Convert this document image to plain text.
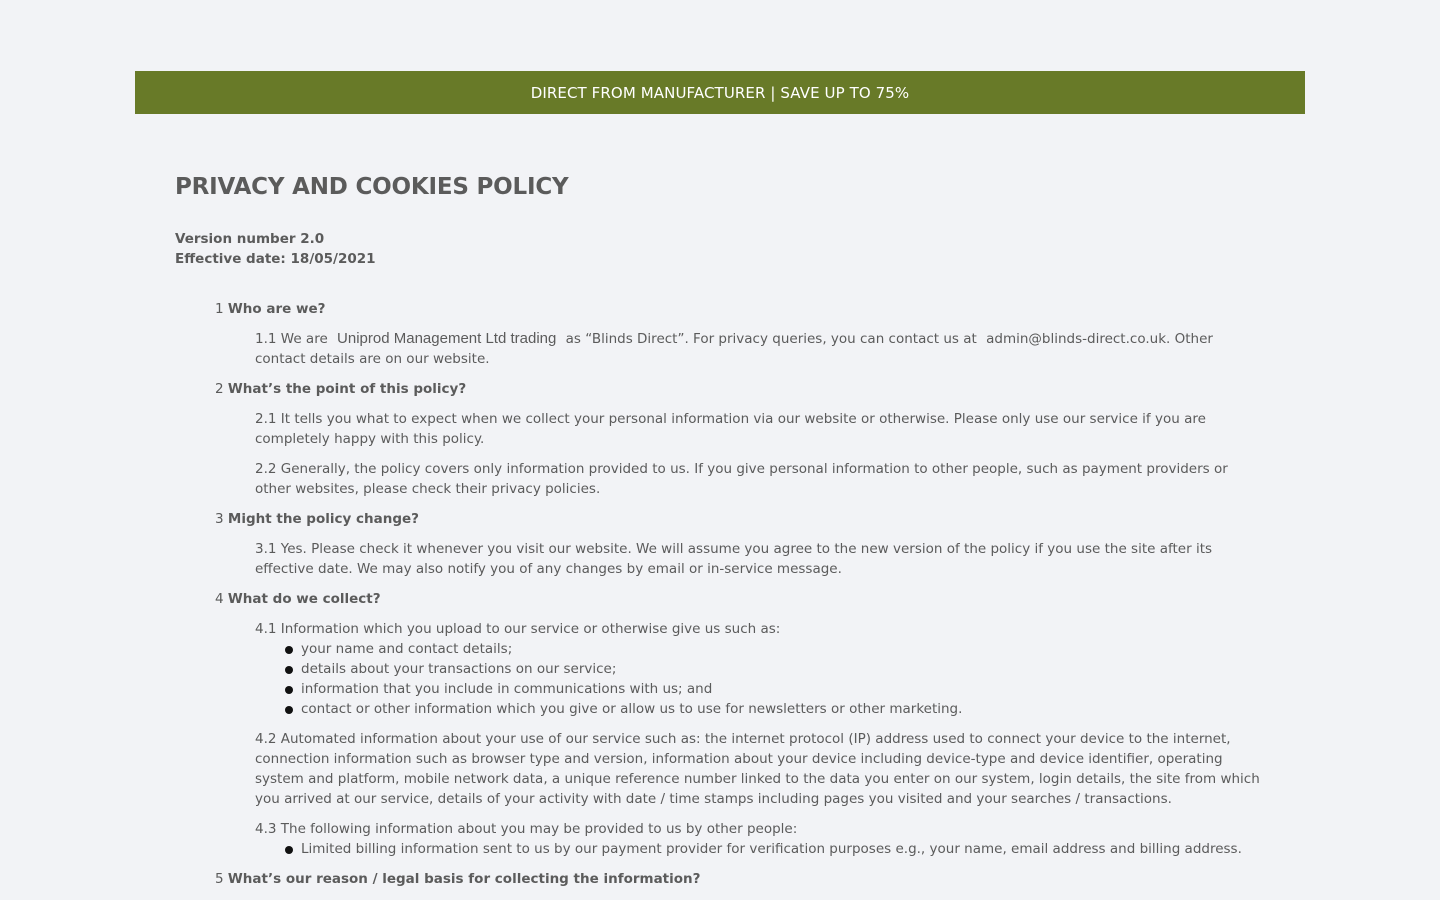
DIRECT FROM MANUFACTURER | SAVE UP TO 75%
PRIVACY AND COOKIES POLICY
Version number 2.0
Effective date: 18/05/2021
1 Who are we?
1.1 We are Uniprod Management Ltd trading as “Blinds Direct”. For privacy queries, you can contact us at admin@blinds-direct.co.uk. Other contact details are on our website.
2 What’s the point of this policy?
2.1 It tells you what to expect when we collect your personal information via our website or otherwise. Please only use our service if you are completely happy with this policy.
2.2 Generally, the policy covers only information provided to us. If you give personal information to other people, such as payment providers or other websites, please check their privacy policies.
3 Might the policy change?
3.1 Yes. Please check it whenever you visit our website. We will assume you agree to the new version of the policy if you use the site after its effective date. We may also notify you of any changes by email or in-service message.
4 What do we collect?
4.1 Information which you upload to our service or otherwise give us such as:
your name and contact details;
details about your transactions on our service;
information that you include in communications with us; and
contact or other information which you give or allow us to use for newsletters or other marketing.
4.2 Automated information about your use of our service such as: the internet protocol (IP) address used to connect your device to the internet, connection information such as browser type and version, information about your device including device-type and device identifier, operating system and platform, mobile network data, a unique reference number linked to the data you enter on our system, login details, the site from which you arrived at our service, details of your activity with date / time stamps including pages you visited and your searches / transactions.
4.3 The following information about you may be provided to us by other people:
Limited billing information sent to us by our payment provider for verification purposes e.g., your name, email address and billing address.
5 What’s our reason / legal basis for collecting the information?
